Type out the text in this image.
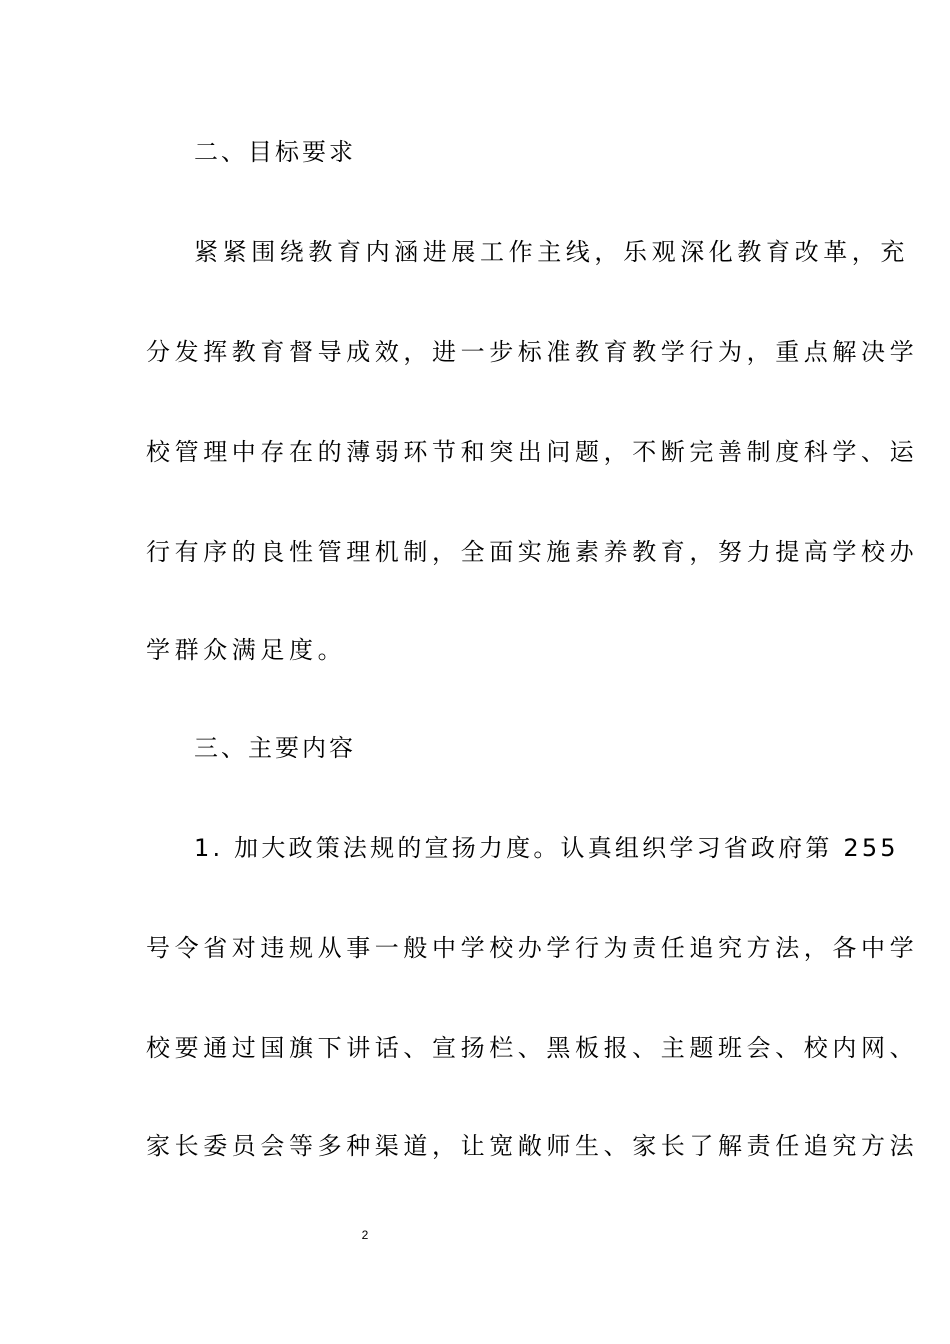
二、目标要求
紧紧围绕教育内涵进展工作主线，乐观深化教育改革，充
分发挥教育督导成效，进一步标准教育教学行为，重点解决学
校管理中存在的薄弱环节和突出问题，不断完善制度科学、运
行有序的良性管理机制，全面实施素养教育，努力提高学校办
学群众满足度。
三、主要内容
1. 加大政策法规的宣扬力度。认真组织学习省政府第 255
号令省对违规从事一般中学校办学行为责任追究方法，各中学
校要通过国旗下讲话、宣扬栏、黑板报、主题班会、校内网、
家长委员会等多种渠道，让宽敞师生、家长了解责任追究方法
2
